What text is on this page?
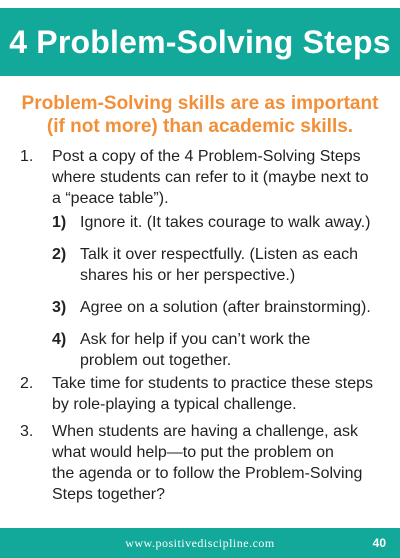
4 Problem-Solving Steps
Problem-Solving skills are as important
(if not more) than academic skills.
1.	Post a copy of the 4 Problem-Solving Steps
where students can refer to it (maybe next to
a “peace table”).
1) Ignore it. (It takes courage to walk away.)
2) Talk it over respectfully. (Listen as each
shares his or her perspective.)
3) Agree on a solution (after brainstorming).
4) Ask for help if you can’t work the
problem out together.
2.	Take time for students to practice these steps
by role-playing a typical challenge.
3.	When students are having a challenge, ask
what would help—to put the problem on
the agenda or to follow the Problem-Solving
Steps together?
www.positivediscipline.com	40
